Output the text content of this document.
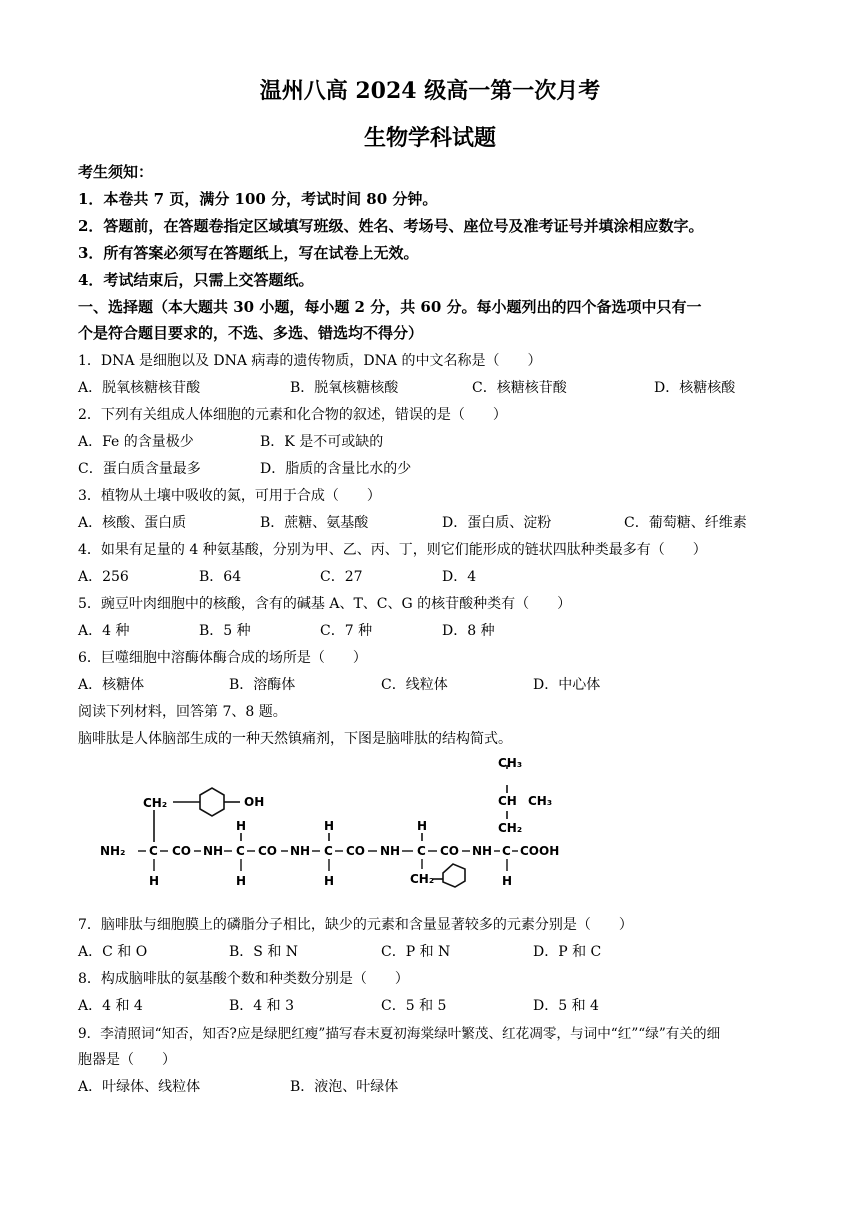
温州八高 2024 级高一第一次月考
生物学科试题
考生须知：
1．本卷共 7 页，满分 100 分，考试时间 80 分钟。
2．答题前，在答题卷指定区域填写班级、姓名、考场号、座位号及准考证号并填涂相应数字。
3．所有答案必须写在答题纸上，写在试卷上无效。
4．考试结束后，只需上交答题纸。
一、选择题（本大题共 30 小题，每小题 2 分，共 60 分。每小题列出的四个备选项中只有一
个是符合题目要求的，不选、多选、错选均不得分）
1．DNA 是细胞以及 DNA 病毒的遗传物质，DNA 的中文名称是（　　）
A．脱氧核糖核苷酸	B．脱氧核糖核酸	C．核糖核苷酸	D．核糖核酸
2．下列有关组成人体细胞的元素和化合物的叙述，错误的是（　　）
A．Fe 的含量极少	B．K 是不可或缺的
C．蛋白质含量最多	D．脂质的含量比水的少
3．植物从土壤中吸收的氮，可用于合成（　　）
A．核酸、蛋白质	B．蔗糖、氨基酸	D．蛋白质、淀粉	C．葡萄糖、纤维素
4．如果有足量的 4 种氨基酸，分别为甲、乙、丙、丁，则它们能形成的链状四肽种类最多有（　　）
A．256	B．64	C．27	D．4
5．豌豆叶肉细胞中的核酸，含有的碱基 A、T、C、G 的核苷酸种类有（　　）
A．4 种	B．5 种	C．7 种	D．8 种
6．巨噬细胞中溶酶体酶合成的场所是（　　）
A．核糖体	B．溶酶体	C．线粒体	D．中心体
阅读下列材料，回答第 7、8 题。
脑啡肽是人体脑部生成的一种天然镇痛剂，下图是脑啡肽的结构简式。
CH₃
CH CH₃
CH₂
CH₂	OH
H	H	H
NH₂ C CO NH C CO NH C CO NH C CO NH C COOH
H	H	H	H
CH₂
7．脑啡肽与细胞膜上的磷脂分子相比，缺少的元素和含量显著较多的元素分别是（　　）
A．C 和 O	B．S 和 N	C．P 和 N	D．P 和 C
8．构成脑啡肽的氨基酸个数和种类数分别是（　　）
A．4 和 4	B．4 和 3	C．5 和 5	D．5 和 4
9．李清照词“知否，知否?应是绿肥红瘦”描写春末夏初海棠绿叶繁茂、红花凋零，与词中“红”“绿”有关的细
胞器是（　　）
A．叶绿体、线粒体	B．液泡、叶绿体
